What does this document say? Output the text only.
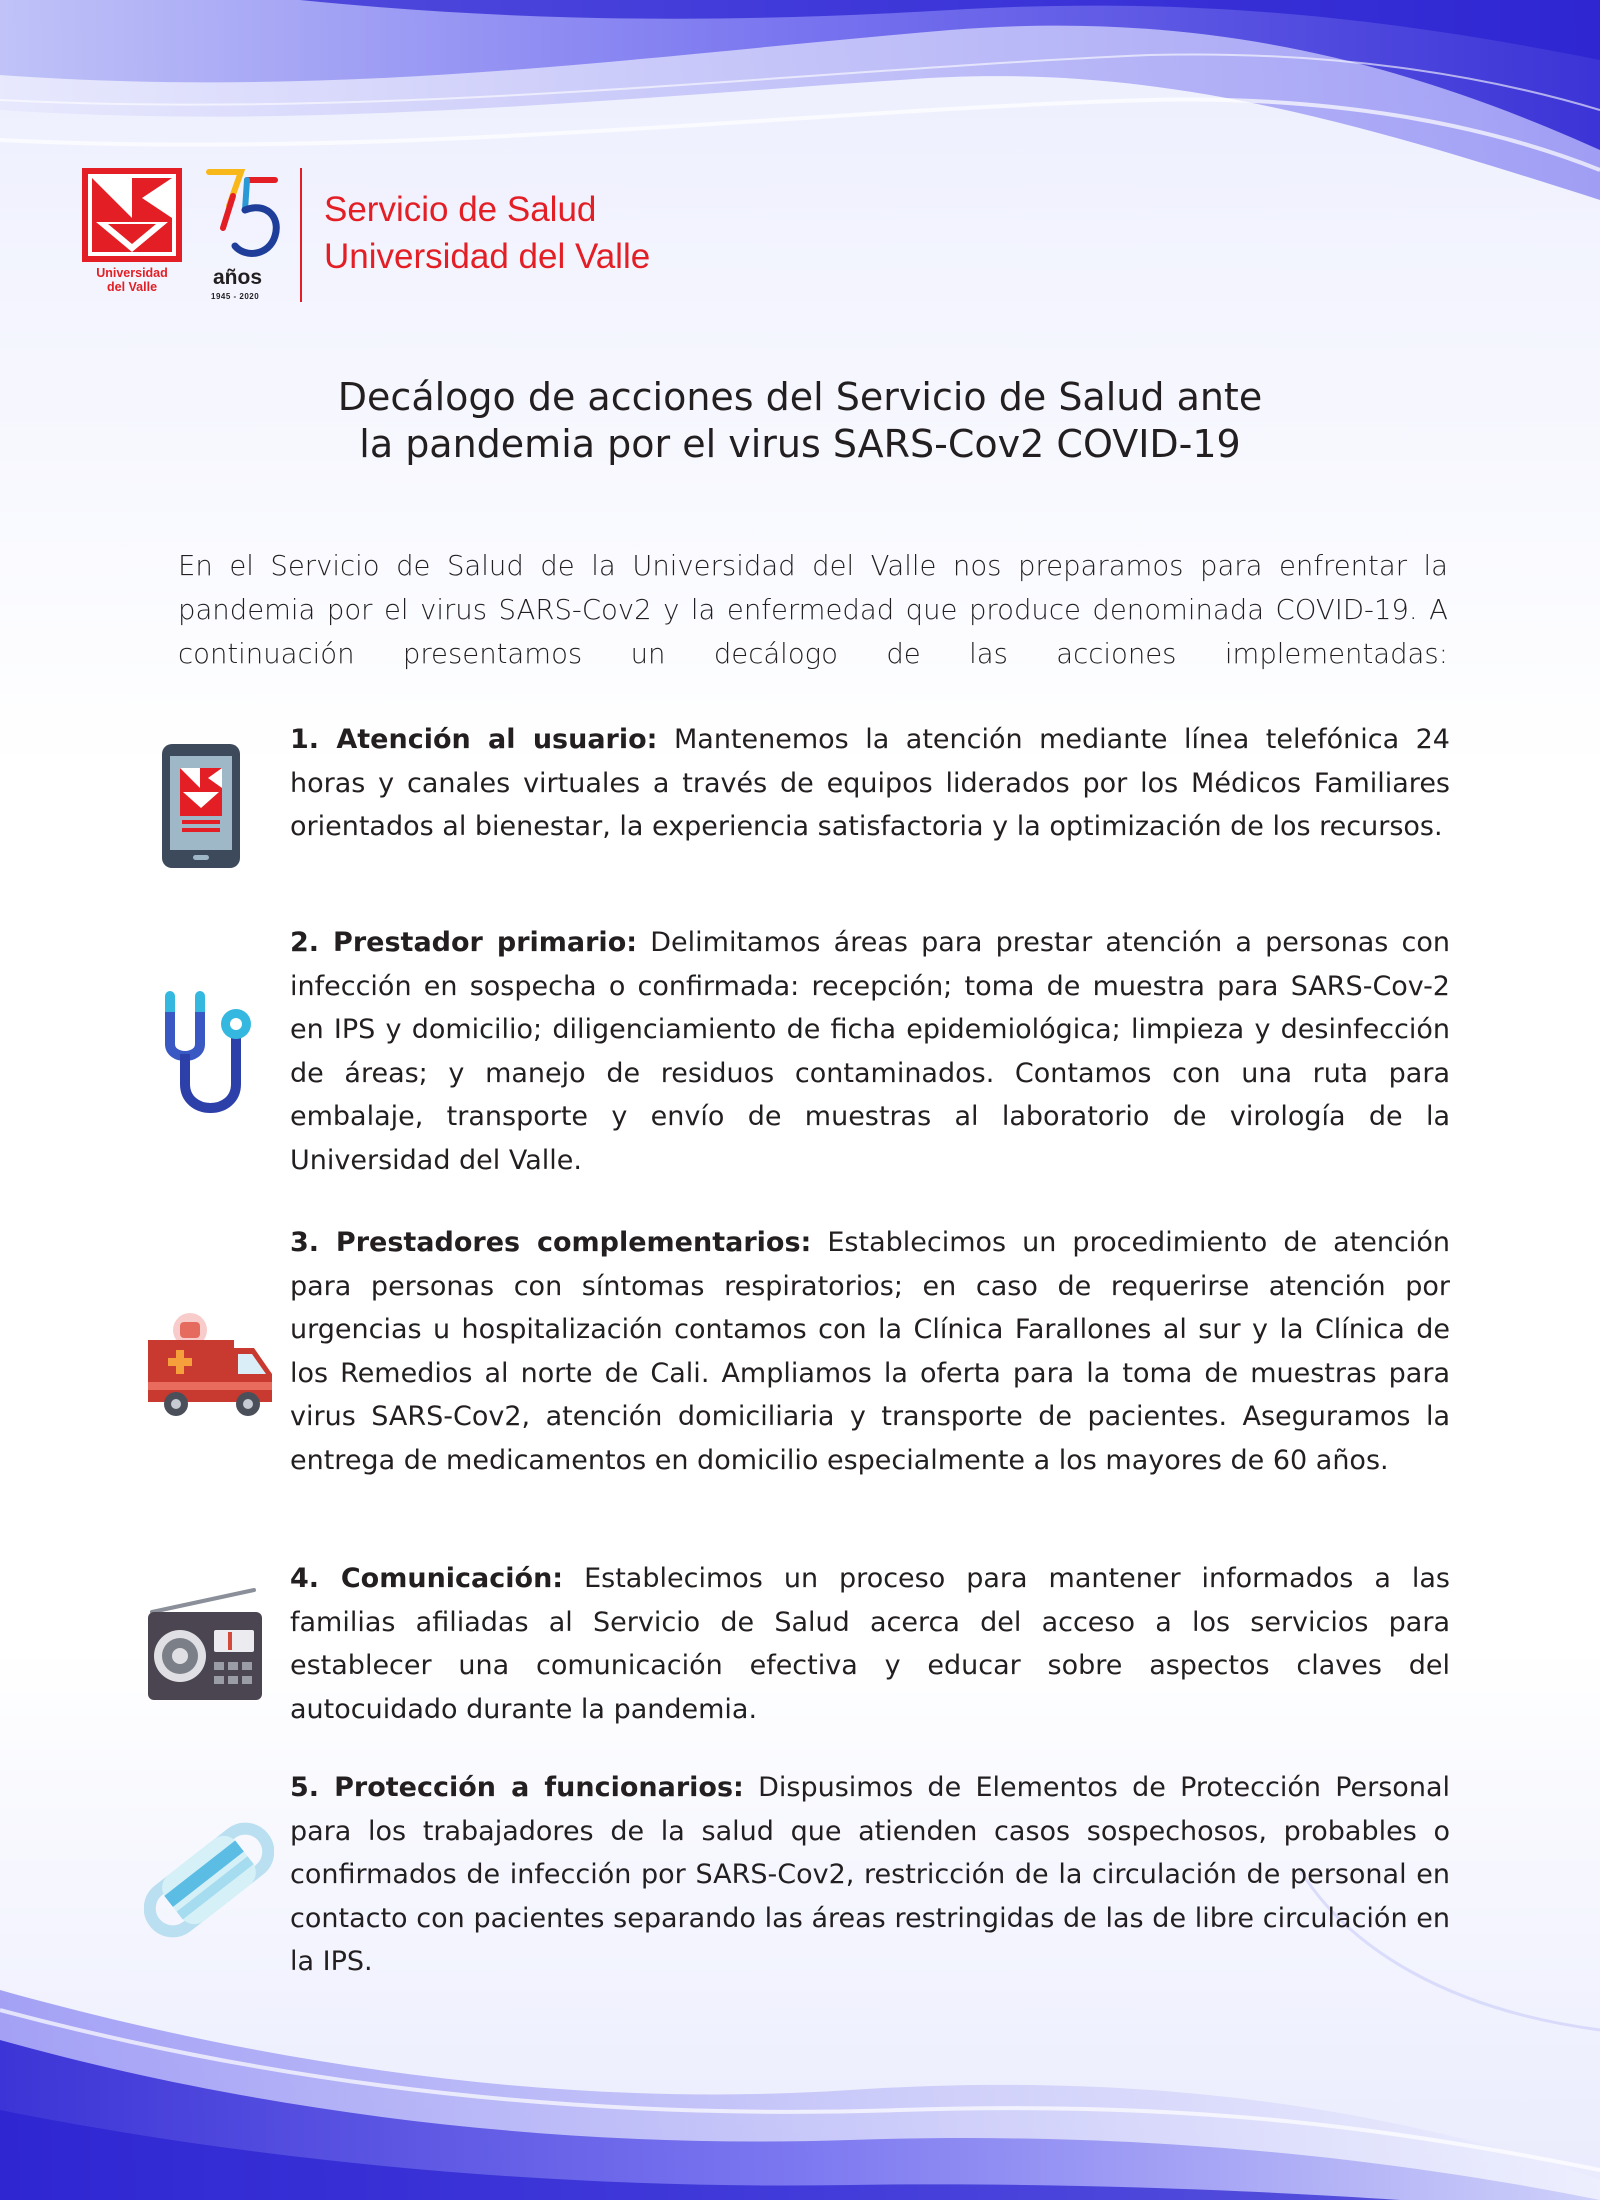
Universidad
del Valle	años
1945 - 2020
Servicio de Salud
Universidad del Valle
Decálogo de acciones del Servicio de Salud ante
la pandemia por el virus SARS-Cov2 COVID-19
En el Servicio de Salud de la Universidad del Valle nos preparamos para enfrentar la pandemia por el virus SARS-Cov2 y la enfermedad que produce denominada COVID-19. A continuación presentamos un decálogo de las acciones implementadas:
1. Atención al usuario: Mantenemos la atención mediante línea telefónica 24 horas y canales virtuales a través de equipos liderados por los Médicos Familiares orientados al bienestar, la experiencia satisfactoria y la optimización de los recursos.
2. Prestador primario: Delimitamos áreas para prestar atención a personas con infección en sospecha o confirmada: recepción; toma de muestra para SARS-Cov-2 en IPS y domicilio; diligenciamiento de ficha epidemiológica; limpieza y desinfección de áreas; y manejo de residuos contaminados. Contamos con una ruta para embalaje, transporte y envío de muestras al laboratorio de virología de la Universidad del Valle.
3. Prestadores complementarios: Establecimos un procedimiento de atención para personas con síntomas respiratorios; en caso de requerirse atención por urgencias u hospitalización contamos con la Clínica Farallones al sur y la Clínica de los Remedios al norte de Cali. Ampliamos la oferta para la toma de muestras para virus SARS-Cov2, atención domiciliaria y transporte de pacientes. Aseguramos la entrega de medicamentos en domicilio especialmente a los mayores de 60 años.
4. Comunicación: Establecimos un proceso para mantener informados a las familias afiliadas al Servicio de Salud acerca del acceso a los servicios para establecer una comunicación efectiva y educar sobre aspectos claves del autocuidado durante la pandemia.
5. Protección a funcionarios: Dispusimos de Elementos de Protección Personal para los trabajadores de la salud que atienden casos sospechosos, probables o confirmados de infección por SARS-Cov2, restricción de la circulación de personal en contacto con pacientes separando las áreas restringidas de las de libre circulación en la IPS.
